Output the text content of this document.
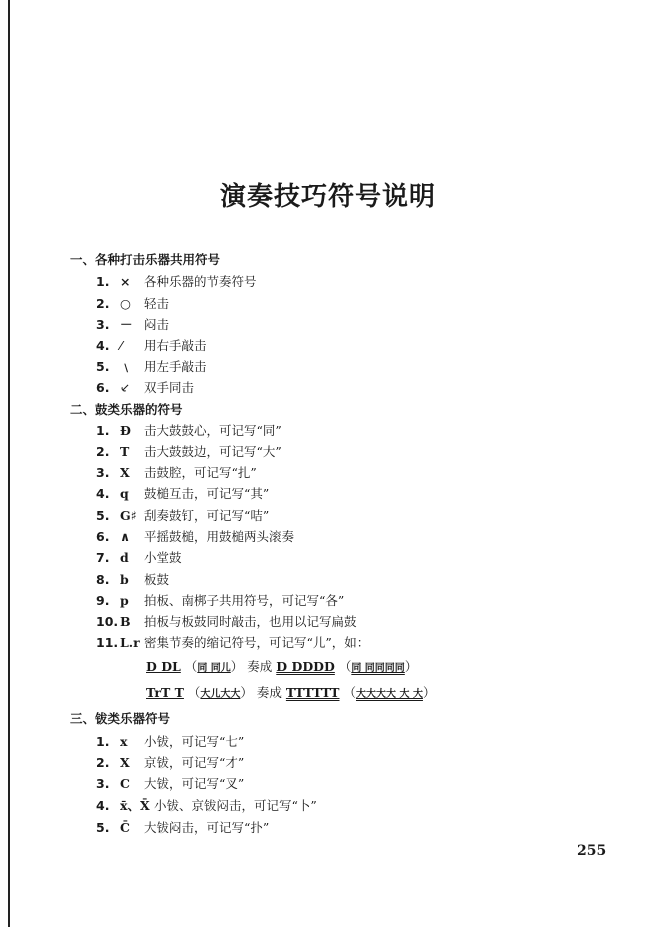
演奏技巧符号说明
一、各种打击乐器共用符号
1. × 各种乐器的节奏符号
2. ○ 轻击
3. － 闷击
4. ⁄ 用右手敲击
5. ﹨ 用左手敲击
6. ⸔ 双手同击
二、鼓类乐器的符号
1. Đ 击大鼓鼓心，可记写“同”
2. T 击大鼓鼓边，可记写“大”
3. X 击鼓腔，可记写“扎”
4. q 鼓槌互击，可记写“其”
5. G♯ 刮奏鼓钉，可记写“咭”
6. ∧ 平摇鼓槌，用鼓槌两头滚奏
7. d 小堂鼓
8. b 板鼓
9. p 拍板、南梆子共用符号，可记写“各”
10. B 拍板与板鼓同时敲击，也用以记写扁鼓
11. L.r 密集节奏的缩记符号，可记写“儿”，如：
D DL （同 同儿） 奏成 D DDDD （同 同同同同）
TrT T （大儿大大） 奏成 TTTTTT （大大大大 大 大）
三、钹类乐器符号
1. x 小钹，可记写“七”
2. X 京钹，可记写“才”
3. C 大钹，可记写“叉”
4. x̄、X̄ 小钹、京钹闷击，可记写“卜”
5. C̄ 大钹闷击，可记写“扑”
255
